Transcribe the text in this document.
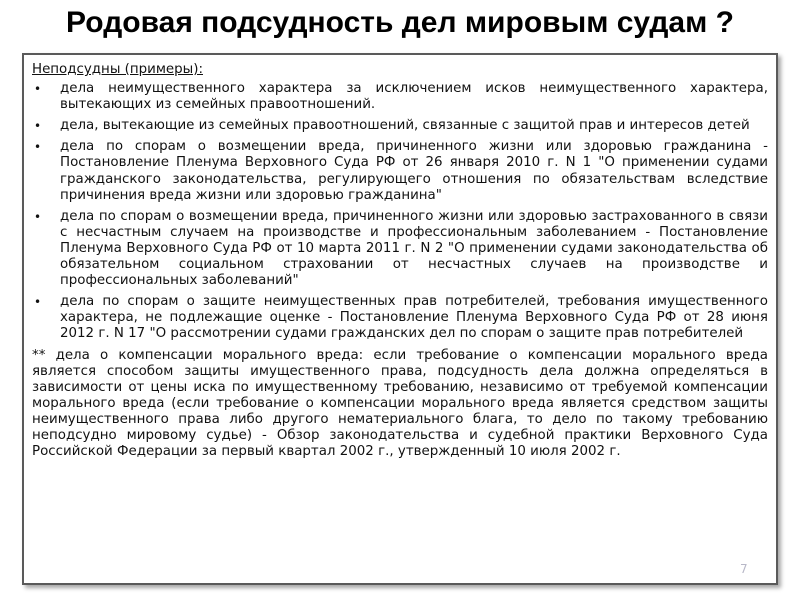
Родовая подсудность дел мировым судам ?
Неподсудны (примеры):
• дела неимущественного характера за исключением исков неимущественного характера, вытекающих из семейных правоотношений.
• дела, вытекающие из семейных правоотношений, связанные с защитой прав и интересов детей
• дела по спорам о возмещении вреда, причиненного жизни или здоровью гражданина - Постановление Пленума Верховного Суда РФ от 26 января 2010 г. N 1 "О применении судами гражданского законодательства, регулирующего отношения по обязательствам вследствие причинения вреда жизни или здоровью гражданина"
• дела по спорам о возмещении вреда, причиненного жизни или здоровью застрахованного в связи с несчастным случаем на производстве и профессиональным заболеванием - Постановление Пленума Верховного Суда РФ от 10 марта 2011 г. N 2 "О применении судами законодательства об обязательном социальном страховании от несчастных случаев на производстве и профессиональных заболеваний"
• дела по спорам о защите неимущественных прав потребителей, требования имущественного характера, не подлежащие оценке - Постановление Пленума Верховного Суда РФ от 28 июня 2012 г. N 17 "О рассмотрении судами гражданских дел по спорам о защите прав потребителей
** дела о компенсации морального вреда: если требование о компенсации морального вреда является способом защиты имущественного права, подсудность дела должна определяться в зависимости от цены иска по имущественному требованию, независимо от требуемой компенсации морального вреда (если требование о компенсации морального вреда является средством защиты неимущественного права либо другого нематериального блага, то дело по такому требованию неподсудно мировому судье) - Обзор законодательства и судебной практики Верховного Суда Российской Федерации за первый квартал 2002 г., утвержденный 10 июля 2002 г.
7
